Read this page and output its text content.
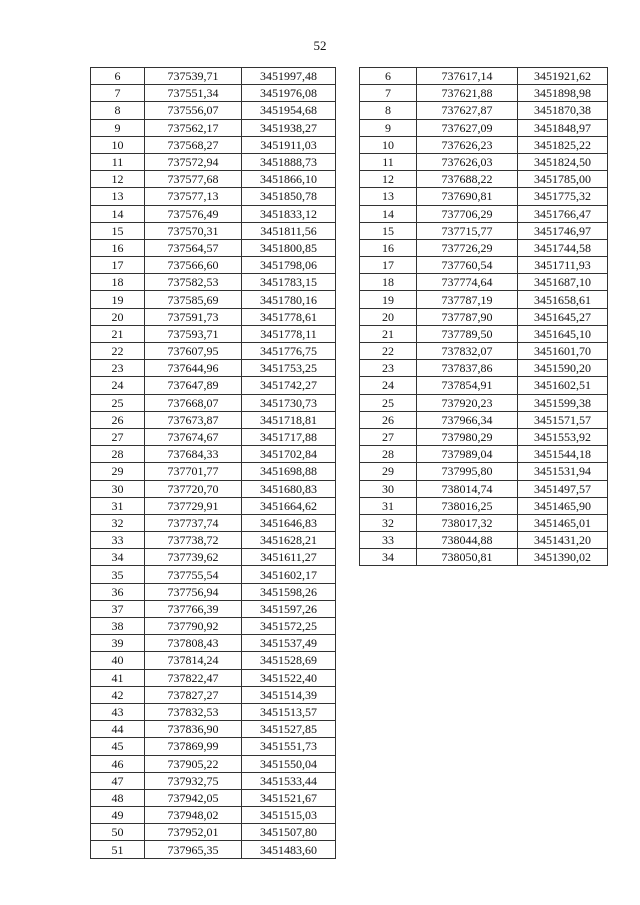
52
6	737539,71	3451997,48
7	737551,34	3451976,08
8	737556,07	3451954,68
9	737562,17	3451938,27
10	737568,27	3451911,03
11	737572,94	3451888,73
12	737577,68	3451866,10
13	737577,13	3451850,78
14	737576,49	3451833,12
15	737570,31	3451811,56
16	737564,57	3451800,85
17	737566,60	3451798,06
18	737582,53	3451783,15
19	737585,69	3451780,16
20	737591,73	3451778,61
21	737593,71	3451778,11
22	737607,95	3451776,75
23	737644,96	3451753,25
24	737647,89	3451742,27
25	737668,07	3451730,73
26	737673,87	3451718,81
27	737674,67	3451717,88
28	737684,33	3451702,84
29	737701,77	3451698,88
30	737720,70	3451680,83
31	737729,91	3451664,62
32	737737,74	3451646,83
33	737738,72	3451628,21
34	737739,62	3451611,27
35	737755,54	3451602,17
36	737756,94	3451598,26
37	737766,39	3451597,26
38	737790,92	3451572,25
39	737808,43	3451537,49
40	737814,24	3451528,69
41	737822,47	3451522,40
42	737827,27	3451514,39
43	737832,53	3451513,57
44	737836,90	3451527,85
45	737869,99	3451551,73
46	737905,22	3451550,04
47	737932,75	3451533,44
48	737942,05	3451521,67
49	737948,02	3451515,03
50	737952,01	3451507,80
51	737965,35	3451483,60
6	737617,14	3451921,62
7	737621,88	3451898,98
8	737627,87	3451870,38
9	737627,09	3451848,97
10	737626,23	3451825,22
11	737626,03	3451824,50
12	737688,22	3451785,00
13	737690,81	3451775,32
14	737706,29	3451766,47
15	737715,77	3451746,97
16	737726,29	3451744,58
17	737760,54	3451711,93
18	737774,64	3451687,10
19	737787,19	3451658,61
20	737787,90	3451645,27
21	737789,50	3451645,10
22	737832,07	3451601,70
23	737837,86	3451590,20
24	737854,91	3451602,51
25	737920,23	3451599,38
26	737966,34	3451571,57
27	737980,29	3451553,92
28	737989,04	3451544,18
29	737995,80	3451531,94
30	738014,74	3451497,57
31	738016,25	3451465,90
32	738017,32	3451465,01
33	738044,88	3451431,20
34	738050,81	3451390,02
